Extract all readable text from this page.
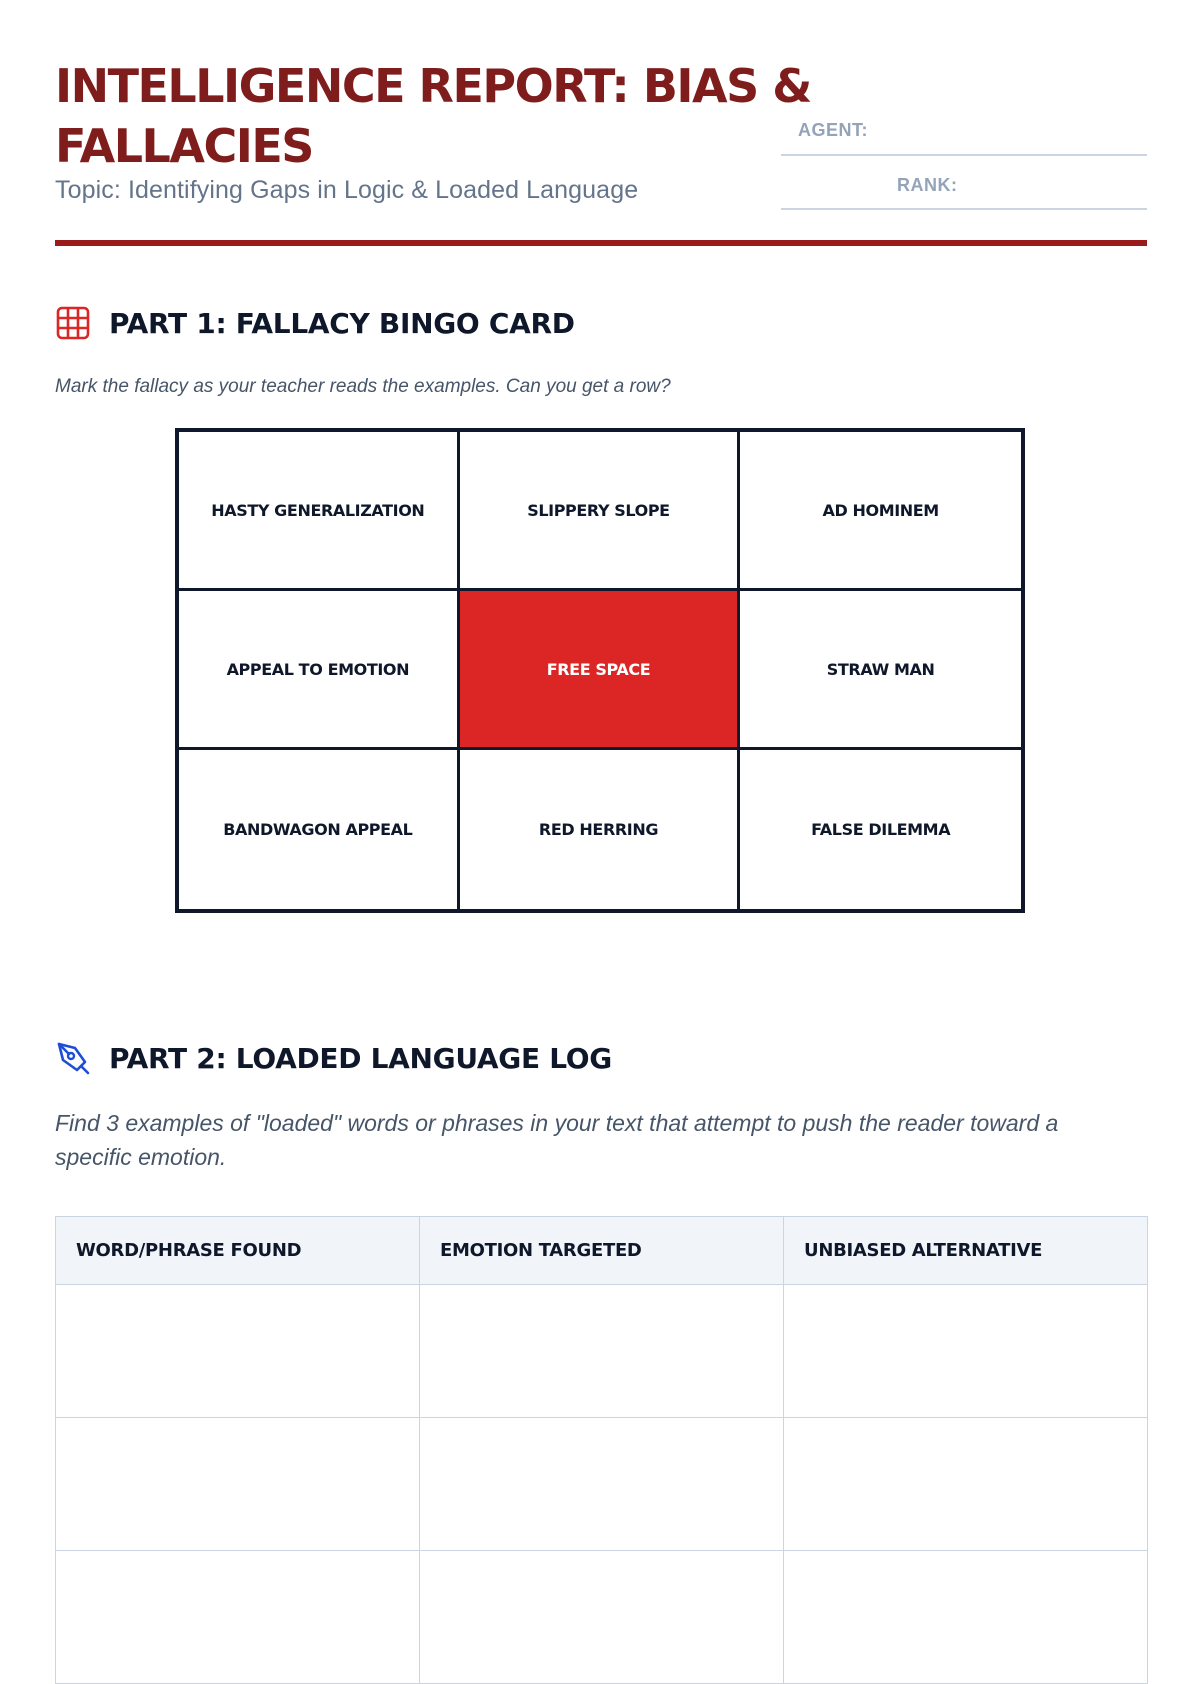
INTELLIGENCE REPORT: BIAS & FALLACIES
Topic: Identifying Gaps in Logic & Loaded Language
AGENT:
RANK:
PART 1: FALLACY BINGO CARD
Mark the fallacy as your teacher reads the examples. Can you get a row?
HASTY GENERALIZATION	SLIPPERY SLOPE	AD HOMINEM
APPEAL TO EMOTION	FREE SPACE	STRAW MAN
BANDWAGON APPEAL	RED HERRING	FALSE DILEMMA
PART 2: LOADED LANGUAGE LOG
Find 3 examples of "loaded" words or phrases in your text that attempt to push the reader toward a specific emotion.
WORD/PHRASE FOUND	EMOTION TARGETED	UNBIASED ALTERNATIVE
